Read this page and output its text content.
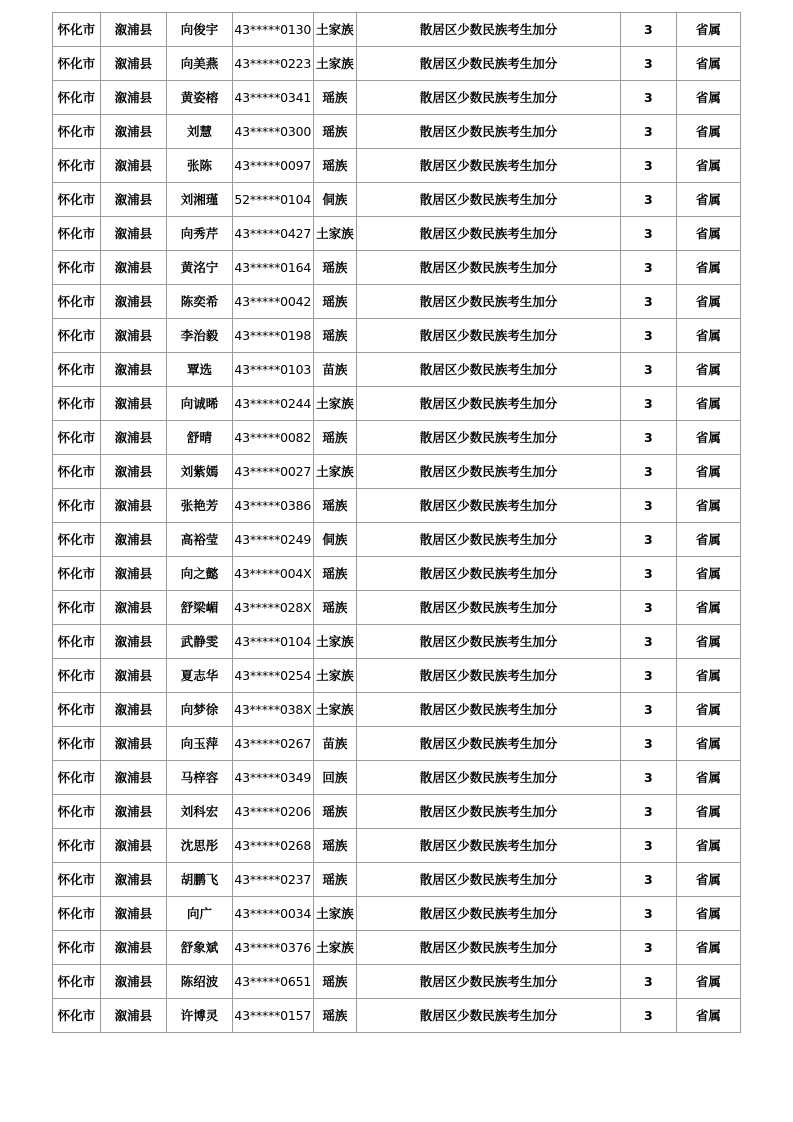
怀化市	溆浦县	向俊宇	43*****0130	土家族	散居区少数民族考生加分	3	省属
怀化市	溆浦县	向美燕	43*****0223	土家族	散居区少数民族考生加分	3	省属
怀化市	溆浦县	黄姿榕	43*****0341	瑶族	散居区少数民族考生加分	3	省属
怀化市	溆浦县	刘慧	43*****0300	瑶族	散居区少数民族考生加分	3	省属
怀化市	溆浦县	张陈	43*****0097	瑶族	散居区少数民族考生加分	3	省属
怀化市	溆浦县	刘湘瑾	52*****0104	侗族	散居区少数民族考生加分	3	省属
怀化市	溆浦县	向秀芹	43*****0427	土家族	散居区少数民族考生加分	3	省属
怀化市	溆浦县	黄洺宁	43*****0164	瑶族	散居区少数民族考生加分	3	省属
怀化市	溆浦县	陈奕希	43*****0042	瑶族	散居区少数民族考生加分	3	省属
怀化市	溆浦县	李治毅	43*****0198	瑶族	散居区少数民族考生加分	3	省属
怀化市	溆浦县	覃选	43*****0103	苗族	散居区少数民族考生加分	3	省属
怀化市	溆浦县	向诚晞	43*****0244	土家族	散居区少数民族考生加分	3	省属
怀化市	溆浦县	舒晴	43*****0082	瑶族	散居区少数民族考生加分	3	省属
怀化市	溆浦县	刘紫嫣	43*****0027	土家族	散居区少数民族考生加分	3	省属
怀化市	溆浦县	张艳芳	43*****0386	瑶族	散居区少数民族考生加分	3	省属
怀化市	溆浦县	高裕莹	43*****0249	侗族	散居区少数民族考生加分	3	省属
怀化市	溆浦县	向之懿	43*****004X	瑶族	散居区少数民族考生加分	3	省属
怀化市	溆浦县	舒梁嵋	43*****028X	瑶族	散居区少数民族考生加分	3	省属
怀化市	溆浦县	武静雯	43*****0104	土家族	散居区少数民族考生加分	3	省属
怀化市	溆浦县	夏志华	43*****0254	土家族	散居区少数民族考生加分	3	省属
怀化市	溆浦县	向梦徐	43*****038X	土家族	散居区少数民族考生加分	3	省属
怀化市	溆浦县	向玉萍	43*****0267	苗族	散居区少数民族考生加分	3	省属
怀化市	溆浦县	马梓容	43*****0349	回族	散居区少数民族考生加分	3	省属
怀化市	溆浦县	刘科宏	43*****0206	瑶族	散居区少数民族考生加分	3	省属
怀化市	溆浦县	沈思彤	43*****0268	瑶族	散居区少数民族考生加分	3	省属
怀化市	溆浦县	胡鹏飞	43*****0237	瑶族	散居区少数民族考生加分	3	省属
怀化市	溆浦县	向广	43*****0034	土家族	散居区少数民族考生加分	3	省属
怀化市	溆浦县	舒象斌	43*****0376	土家族	散居区少数民族考生加分	3	省属
怀化市	溆浦县	陈绍波	43*****0651	瑶族	散居区少数民族考生加分	3	省属
怀化市	溆浦县	许博灵	43*****0157	瑶族	散居区少数民族考生加分	3	省属
